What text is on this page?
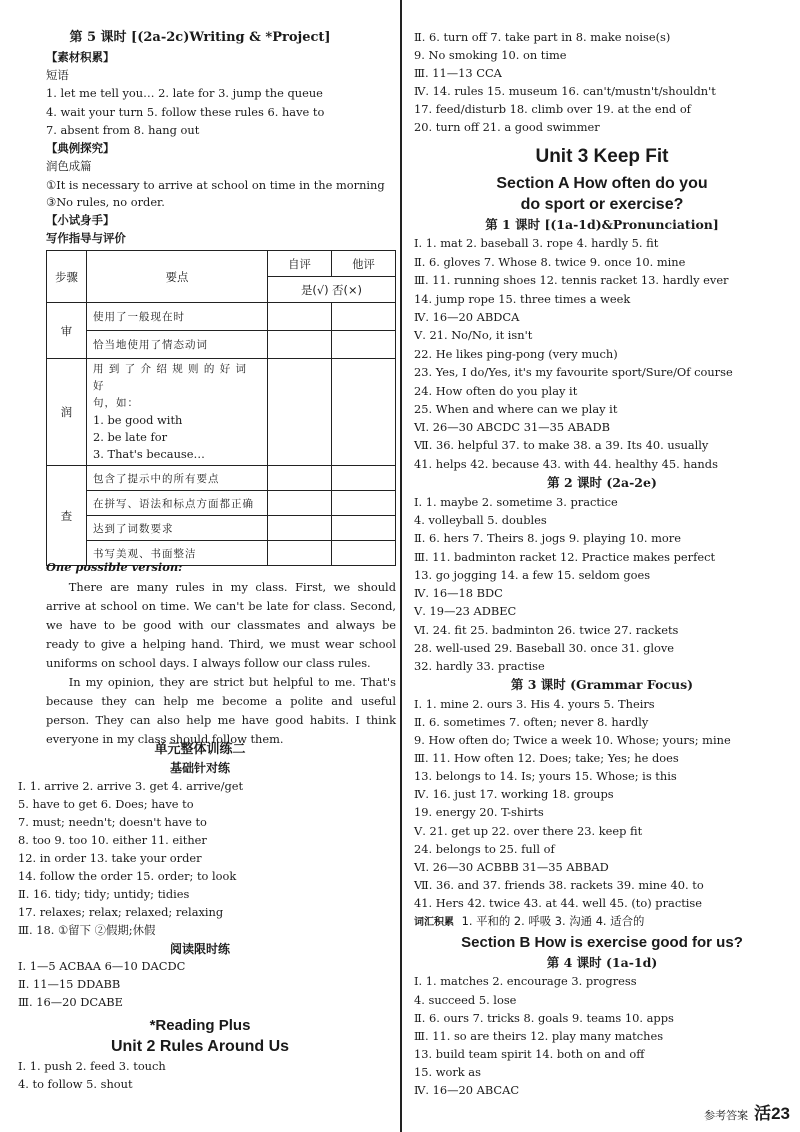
第 5 课时 [(2a-2c)Writing & *Project]
【素材积累】
短语
1. let me tell you… 2. late for 3. jump the queue
4. wait your turn 5. follow these rules 6. have to
7. absent from 8. hang out
【典例探究】
润色成篇
①It is necessary to arrive at school on time in the morning
③No rules, no order.
【小试身手】
写作指导与评价
步骤	要点	自评	他评
		是(√) 否(×)	
审	使用了一般现在时		
	恰当地使用了情态动词		
润	用 到 了 介 绍 规 则 的 好 词 好
句，如：
1. be good with
2. be late for
3. That's because…		

查	包含了提示中的所有要点		
	在拼写、语法和标点方面都正确		
	达到了词数要求		
	书写美观、书面整洁		
One possible version:

There are many rules in my class. First, we should arrive at school on time. We can't be late for class. Second, we have to be good with our classmates and always be ready to give a helping hand. Third, we must wear school uniforms on school days. I always follow our class rules.

In my opinion, they are strict but helpful to me. That's because they can help me become a polite and useful person. They can also help me have good habits. I think everyone in my class should follow them.

单元整体训练二
基础针对练
Ⅰ. 1. arrive 2. arrive 3. get 4. arrive/get
5. have to get 6. Does; have to
7. must; needn't; doesn't have to
8. too 9. too 10. either 11. either
12. in order 13. take your order
14. follow the order 15. order; to look
Ⅱ. 16. tidy; tidy; untidy; tidies
17. relaxes; relax; relaxed; relaxing
Ⅲ. 18. ①留下 ②假期;休假
阅读限时练
Ⅰ. 1—5 ACBAA 6—10 DACDC
Ⅱ. 11—15 DDABB
Ⅲ. 16—20 DCABE
*Reading Plus
Unit 2 Rules Around Us
Ⅰ. 1. push 2. feed 3. touch
4. to follow 5. shout
Ⅱ. 6. turn off 7. take part in 8. make noise(s)
9. No smoking 10. on time
Ⅲ. 11—13 CCA
Ⅳ. 14. rules 15. museum 16. can't/mustn't/shouldn't
17. feed/disturb 18. climb over 19. at the end of
20. turn off 21. a good swimmer
Unit 3 Keep Fit
Section A How often do you
do sport or exercise?
第 1 课时 [(1a-1d)&Pronunciation]
Ⅰ. 1. mat 2. baseball 3. rope 4. hardly 5. fit
Ⅱ. 6. gloves 7. Whose 8. twice 9. once 10. mine
Ⅲ. 11. running shoes 12. tennis racket 13. hardly ever
14. jump rope 15. three times a week
Ⅳ. 16—20 ABDCA
Ⅴ. 21. No/No, it isn't
22. He likes ping-pong (very much)
23. Yes, I do/Yes, it's my favourite sport/Sure/Of course
24. How often do you play it
25. When and where can we play it
Ⅵ. 26—30 ABCDC 31—35 ABADB
Ⅶ. 36. helpful 37. to make 38. a 39. Its 40. usually
41. helps 42. because 43. with 44. healthy 45. hands
第 2 课时 (2a-2e)
Ⅰ. 1. maybe 2. sometime 3. practice
4. volleyball 5. doubles
Ⅱ. 6. hers 7. Theirs 8. jogs 9. playing 10. more
Ⅲ. 11. badminton racket 12. Practice makes perfect
13. go jogging 14. a few 15. seldom goes
Ⅳ. 16—18 BDC
Ⅴ. 19—23 ADBEC
Ⅵ. 24. fit 25. badminton 26. twice 27. rackets
28. well-used 29. Baseball 30. once 31. glove
32. hardly 33. practise
第 3 课时 (Grammar Focus)
Ⅰ. 1. mine 2. ours 3. His 4. yours 5. Theirs
Ⅱ. 6. sometimes 7. often; never 8. hardly
9. How often do; Twice a week 10. Whose; yours; mine
Ⅲ. 11. How often 12. Does; take; Yes; he does
13. belongs to 14. Is; yours 15. Whose; is this
Ⅳ. 16. just 17. working 18. groups
19. energy 20. T-shirts
Ⅴ. 21. get up 22. over there 23. keep fit
24. belongs to 25. full of
Ⅵ. 26—30 ACBBB 31—35 ABBAD
Ⅶ. 36. and 37. friends 38. rackets 39. mine 40. to
41. Hers 42. twice 43. at 44. well 45. (to) practise
词汇积累 1. 平和的 2. 呼吸 3. 沟通 4. 适合的
Section B How is exercise good for us?
第 4 课时 (1a-1d)
Ⅰ. 1. matches 2. encourage 3. progress
4. succeed 5. lose
Ⅱ. 6. ours 7. tricks 8. goals 9. teams 10. apps
Ⅲ. 11. so are theirs 12. play many matches
13. build team spirit 14. both on and off
15. work as
Ⅳ. 16—20 ABCAC
参考答案 活23
